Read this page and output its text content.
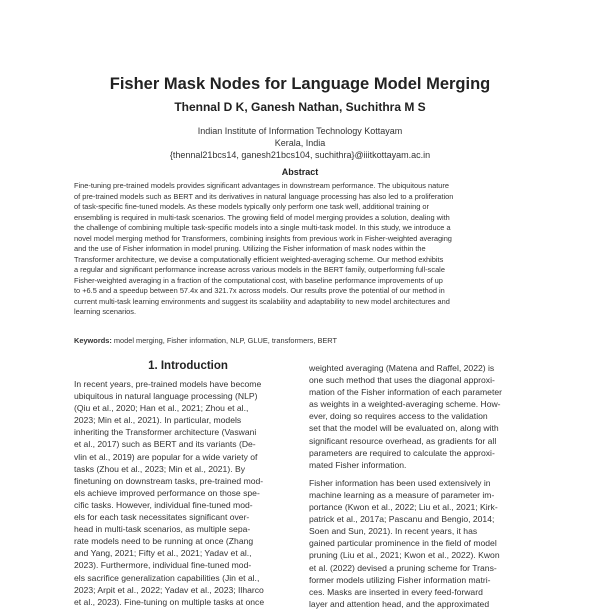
Fisher Mask Nodes for Language Model Merging
Thennal D K, Ganesh Nathan, Suchithra M S
Indian Institute of Information Technology Kottayam
Kerala, India
{thennal21bcs14, ganesh21bcs104, suchithra}@iiitkottayam.ac.in
Abstract
Fine-tuning pre-trained models provides significant advantages in downstream performance. The ubiquitous nature
of pre-trained models such as BERT and its derivatives in natural language processing has also led to a proliferation
of task-specific fine-tuned models. As these models typically only perform one task well, additional training or
ensembling is required in multi-task scenarios. The growing field of model merging provides a solution, dealing with
the challenge of combining multiple task-specific models into a single multi-task model. In this study, we introduce a
novel model merging method for Transformers, combining insights from previous work in Fisher-weighted averaging
and the use of Fisher information in model pruning. Utilizing the Fisher information of mask nodes within the
Transformer architecture, we devise a computationally efficient weighted-averaging scheme. Our method exhibits
a regular and significant performance increase across various models in the BERT family, outperforming full-scale
Fisher-weighted averaging in a fraction of the computational cost, with baseline performance improvements of up
to +6.5 and a speedup between 57.4x and 321.7x across models. Our results prove the potential of our method in
current multi-task learning environments and suggest its scalability and adaptability to new model architectures and
learning scenarios.
Keywords: model merging, Fisher information, NLP, GLUE, transformers, BERT
1. Introduction
In recent years, pre-trained models have become
ubiquitous in natural language processing (NLP)
(Qiu et al., 2020; Han et al., 2021; Zhou et al.,
2023; Min et al., 2021). In particular, models
inheriting the Transformer architecture (Vaswani
et al., 2017) such as BERT and its variants (De-
vlin et al., 2019) are popular for a wide variety of
tasks (Zhou et al., 2023; Min et al., 2021). By
finetuning on downstream tasks, pre-trained mod-
els achieve improved performance on those spe-
cific tasks. However, individual fine-tuned mod-
els for each task necessitates significant over-
head in multi-task scenarios, as multiple sepa-
rate models need to be running at once (Zhang
and Yang, 2021; Fifty et al., 2021; Yadav et al.,
2023). Furthermore, individual fine-tuned mod-
els sacrifice generalization capabilities (Jin et al.,
2023; Arpit et al., 2022; Yadav et al., 2023; Ilharco
et al., 2023). Fine-tuning on multiple tasks at once
weighted averaging (Matena and Raffel, 2022) is
one such method that uses the diagonal approxi-
mation of the Fisher information of each parameter
as weights in a weighted-averaging scheme. How-
ever, doing so requires access to the validation
set that the model will be evaluated on, along with
significant resource overhead, as gradients for all
parameters are required to calculate the approxi-
mated Fisher information.
Fisher information has been used extensively in
machine learning as a measure of parameter im-
portance (Kwon et al., 2022; Liu et al., 2021; Kirk-
patrick et al., 2017a; Pascanu and Bengio, 2014;
Soen and Sun, 2021). In recent years, it has
gained particular prominence in the field of model
pruning (Liu et al., 2021; Kwon et al., 2022). Kwon
et al. (2022) devised a pruning scheme for Trans-
former models utilizing Fisher information matri-
ces. Masks are inserted in every feed-forward
layer and attention head, and the approximated
